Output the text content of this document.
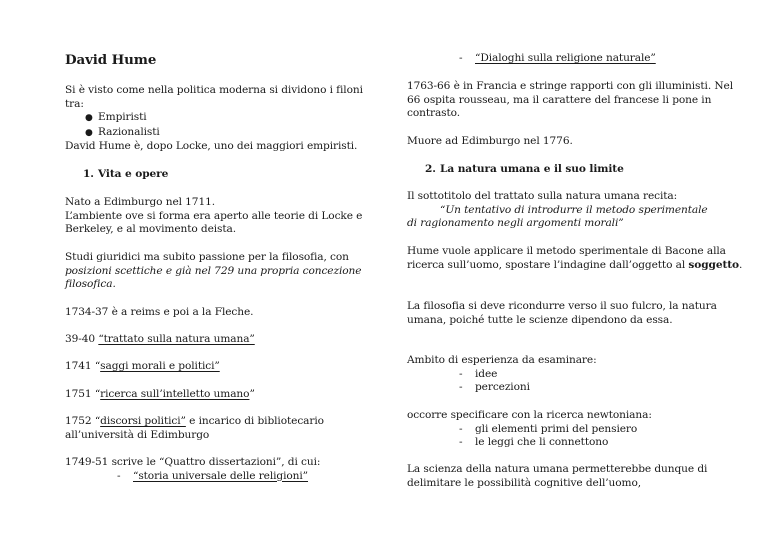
David Hume

Si è visto come nella politica moderna si dividono i filoni tra:

● Empiristi
● Razionalisti

David Hume è, dopo Locke, uno dei maggiori empiristi.

1. Vita e opere

Nato a Edimburgo nel 1711.

L’ambiente ove si forma era aperto alle teorie di Locke e Berkeley, e al movimento deista.

Studi giuridici ma subito passione per la filosofia, con posizioni scettiche e già nel 729 una propria concezione filosofica.

1734-37 è a reims e poi a la Fleche.
39-40 “trattato sulla natura umana”
1741 “saggi morali e politici”
1751 “ricerca sull’intelletto umano”
1752 “discorsi politici” e incarico di bibliotecario all’università di Edimburgo

1749-51 scrive le “Quattro dissertazioni”, di cui:

- “storia universale delle religioni”
- “Dialoghi sulla religione naturale”
1763-66 è in Francia e stringe rapporti con gli illuministi. Nel 66 ospita rousseau, ma il carattere del francese li pone in contrasto.
Muore ad Edimburgo nel 1776.
2. La natura umana e il suo limite

Il sottotitolo del trattato sulla natura umana recita:

“Un tentativo di introdurre il metodo sperimentale

di ragionamento negli argomenti morali”

Hume vuole applicare il metodo sperimentale di Bacone alla ricerca sull’uomo, spostare l’indagine dall’oggetto al soggetto.
La filosofia si deve ricondurre verso il suo fulcro, la natura umana, poiché tutte le scienze dipendono da essa.

Ambito di esperienza da esaminare:

- idee
- percezioni

occorre specificare con la ricerca newtoniana:

- gli elementi primi del pensiero
- le leggi che li connettono
La scienza della natura umana permetterebbe dunque di delimitare le possibilità cognitive dell’uomo,
